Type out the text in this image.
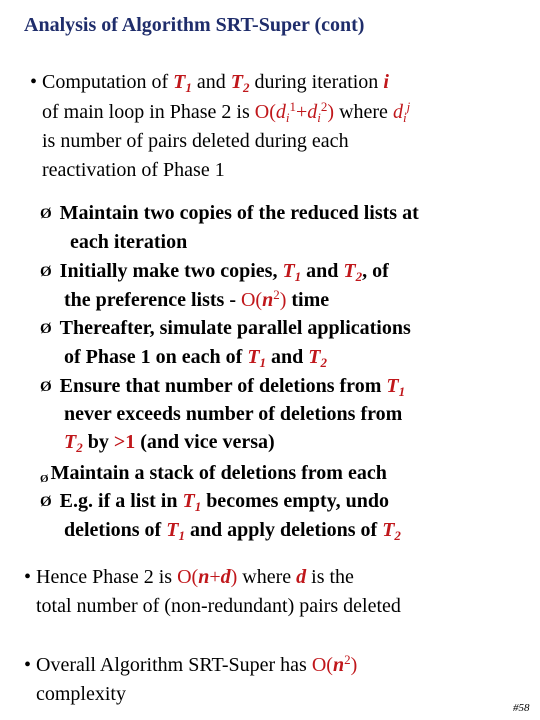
Analysis of Algorithm SRT-Super (cont)
• Computation of $T_1$ and $T_2$ during iteration i
of main loop in Phase 2 is $O(d_i^1+d_i^2)$ where $d_i^j$
is number of pairs deleted during each
reactivation of Phase 1
Ø Maintain two copies of the reduced lists at
each iteration
Ø Initially make two copies, $T_1$ and $T_2$, of
the preference lists - $O(n^2)$ time
Ø Thereafter, simulate parallel applications
of Phase 1 on each of $T_1$ and $T_2$
Ø Ensure that number of deletions from $T_1$
never exceeds number of deletions from
$T_2$ by >1 (and vice versa)
Ø Maintain a stack of deletions from each
Ø E.g. if a list in $T_1$ becomes empty, undo
deletions of $T_1$ and apply deletions of $T_2$
• Hence Phase 2 is O(n+d) where d is the
total number of (non-redundant) pairs deleted
• Overall Algorithm SRT-Super has $O(n^2)$
complexity
#58
